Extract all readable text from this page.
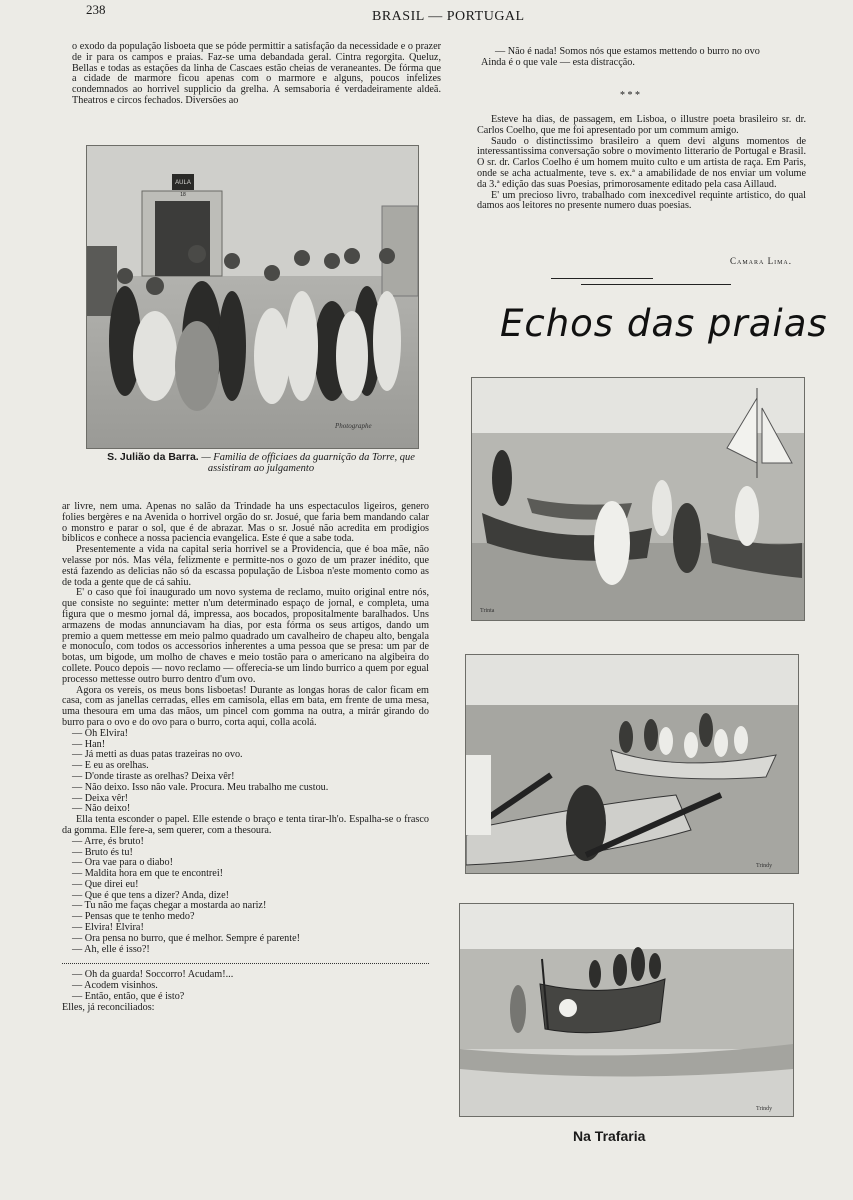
238	BRASIL — PORTUGAL

o exodo da população lisboeta que se póde permittir a satisfação da necessidade e o prazer de ir para os campos e praias. Faz-se uma debandada geral. Cintra regorgita. Queluz, Bellas e todas as estações da linha de Cascaes estão cheias de veraneantes. De fórma que a cidade de marmore ficou apenas com o marmore e alguns, poucos infelizes condemnados ao horrivel supplicio da grelha. A semsaboria é verdadeiramente aldeã. Theatros e circos fechados. Diversões ao

AULA
18
Photographe
S. Julião da Barra. — Familia de officiaes da guarnição da Torre, que assistiram ao julgamento

ar livre, nem uma. Apenas no salão da Trindade ha uns espectaculos ligeiros, genero folies bergères e na Avenida o horrivel orgão do sr. Josué, que faria bem mandando calar o monstro e parar o sol, que é de abrazar. Mas o sr. Josué não acredita em prodigios biblicos e conhece a nossa paciencia evangelica. Este é que a sabe toda.

Presentemente a vida na capital seria horrivel se a Providencia, que é boa mãe, não velasse por nós. Mas véla, felizmente e permitte-nos o gozo de um prazer inédito, que está fazendo as delicias não só da escassa população de Lisboa n'este momento como as de toda a gente que de cá sahiu.

E' o caso que foi inaugurado um novo systema de reclamo, muito original entre nós, que consiste no seguinte: metter n'um determinado espaço de jornal, e completa, uma figura que o mesmo jornal dá, impressa, aos bocados, propositalmente baralhados. Uns armazens de modas annunciavam ha dias, por esta fórma os seus artigos, dando um premio a quem mettesse em meio palmo quadrado um cavalheiro de chapeu alto, bengala e monoculo, com todos os accessorios inherentes a uma pessoa que se presa: um par de botas, um bigode, um molho de chaves e meio tostão para o americano na algibeira do collete. Pouco depois — novo reclamo — offerecia-se um lindo burrico a quem por egual processo mettesse outro burro dentro d'um ovo.

Agora os vereis, os meus bons lisboetas! Durante as longas horas de calor ficam em casa, com as janellas cerradas, elles em camisola, ellas em bata, em frente de uma mesa, uma thesoura em uma das mãos, um pincel com gomma na outra, a mirár girando do burro para o ovo e do ovo para o burro, corta aqui, colla acolá.

— Oh Elvira!

— Han!

— Já metti as duas patas trazeiras no ovo.

— E eu as orelhas.

— D'onde tiraste as orelhas? Deixa vêr!

— Não deixo. Isso não vale. Procura. Meu trabalho me custou.

— Deixa vêr!

— Não deixo!

Ella tenta esconder o papel. Elle estende o braço e tenta tirar-lh'o. Espalha-se o frasco da gomma. Elle fere-a, sem querer, com a thesoura.

— Arre, és bruto!

— Bruto és tu!

— Ora vae para o diabo!

— Maldita hora em que te encontrei!

— Que direi eu!

— Que é que tens a dizer? Anda, dize!

— Tu não me faças chegar a mostarda ao nariz!

— Pensas que te tenho medo?

— Elvira! Elvira!

— Ora pensa no burro, que é melhor. Sempre é parente!

— Ah, elle é isso?!

— Oh da guarda! Soccorro! Acudam!...

— Acodem visinhos.

— Então, então, que é isto?

Elles, já reconciliados:

— Não é nada! Somos nós que estamos mettendo o burro no ovo

Ainda é o que vale — esta distracção.

* * *

Esteve ha dias, de passagem, em Lisboa, o illustre poeta brasileiro sr. dr. Carlos Coelho, que me foi apresentado por um commum amigo.

Saudo o distinctissimo brasileiro a quem devi alguns momentos de interessantissima conversação sobre o movimento litterario de Portugal e Brasil. O sr. dr. Carlos Coelho é um homem muito culto e um artista de raça. Em Paris, onde se acha actualmente, teve s. ex.ª a amabilidade de nos enviar um volume da 3.ª edição das suas Poesias, primorosamente editado pela casa Aillaud.

E' um precioso livro, trabalhado com inexcedivel requinte artistico, do qual damos aos leitores no presente numero duas poesias.

Camara Lima.
Echos das praias
Trinta
Trindy
Trindy
Na Trafaria
